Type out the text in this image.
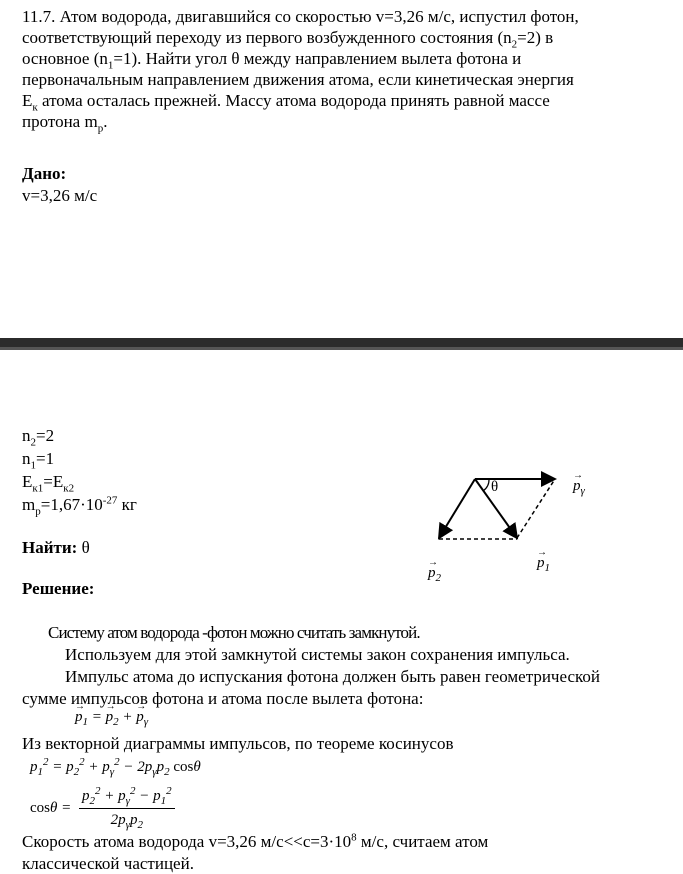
11.7. Атом водорода, двигавшийся со скоростью v=3,26 м/с, испустил фотон,
соответствующий переходу из первого возбужденного состояния $(n_2=2)$ в
основное $(n_1=1)$. Найти угол θ между направлением вылета фотона и
первоначальным направлением движения атома, если кинетическая энергия
$E_к$ атома осталась прежней. Массу атома водорода принять равной массе
протона $m_p$.
Дано:
v=3,26 м/с
$n_2=2$
$n_1=1$
$E_{к1}=E_{к2}$
$m_p=1,67\cdot 10^{-27}$ кг
Найти: θ
θ
→	$p_\gamma$
→ $p_1$
→ $p_2$
Решение:
Систему атом водорода -фотон можно считать замкнутой.
Используем для этой замкнутой системы закон сохранения импульса.
Импульс атома до испускания фотона должен быть равен геометрической
сумме импульсов фотона и атома после вылета фотона:
→ $p_1$ = → $p_2$ + → $p_\gamma$
Из векторной диаграммы импульсов, по теореме косинусов
$p_1^2 = p_2^2 + p_\gamma^2 - 2p_\gamma p_2$ cosθ
$\cos\theta = \frac{p_2^2 + p_\gamma^2 - p_1^2}{2p_\gamma p_2}$
Скорость атома водорода v=3,26 $м/с<<c=3\cdot 10^8$ м/с, считаем атом
классической частицей.
